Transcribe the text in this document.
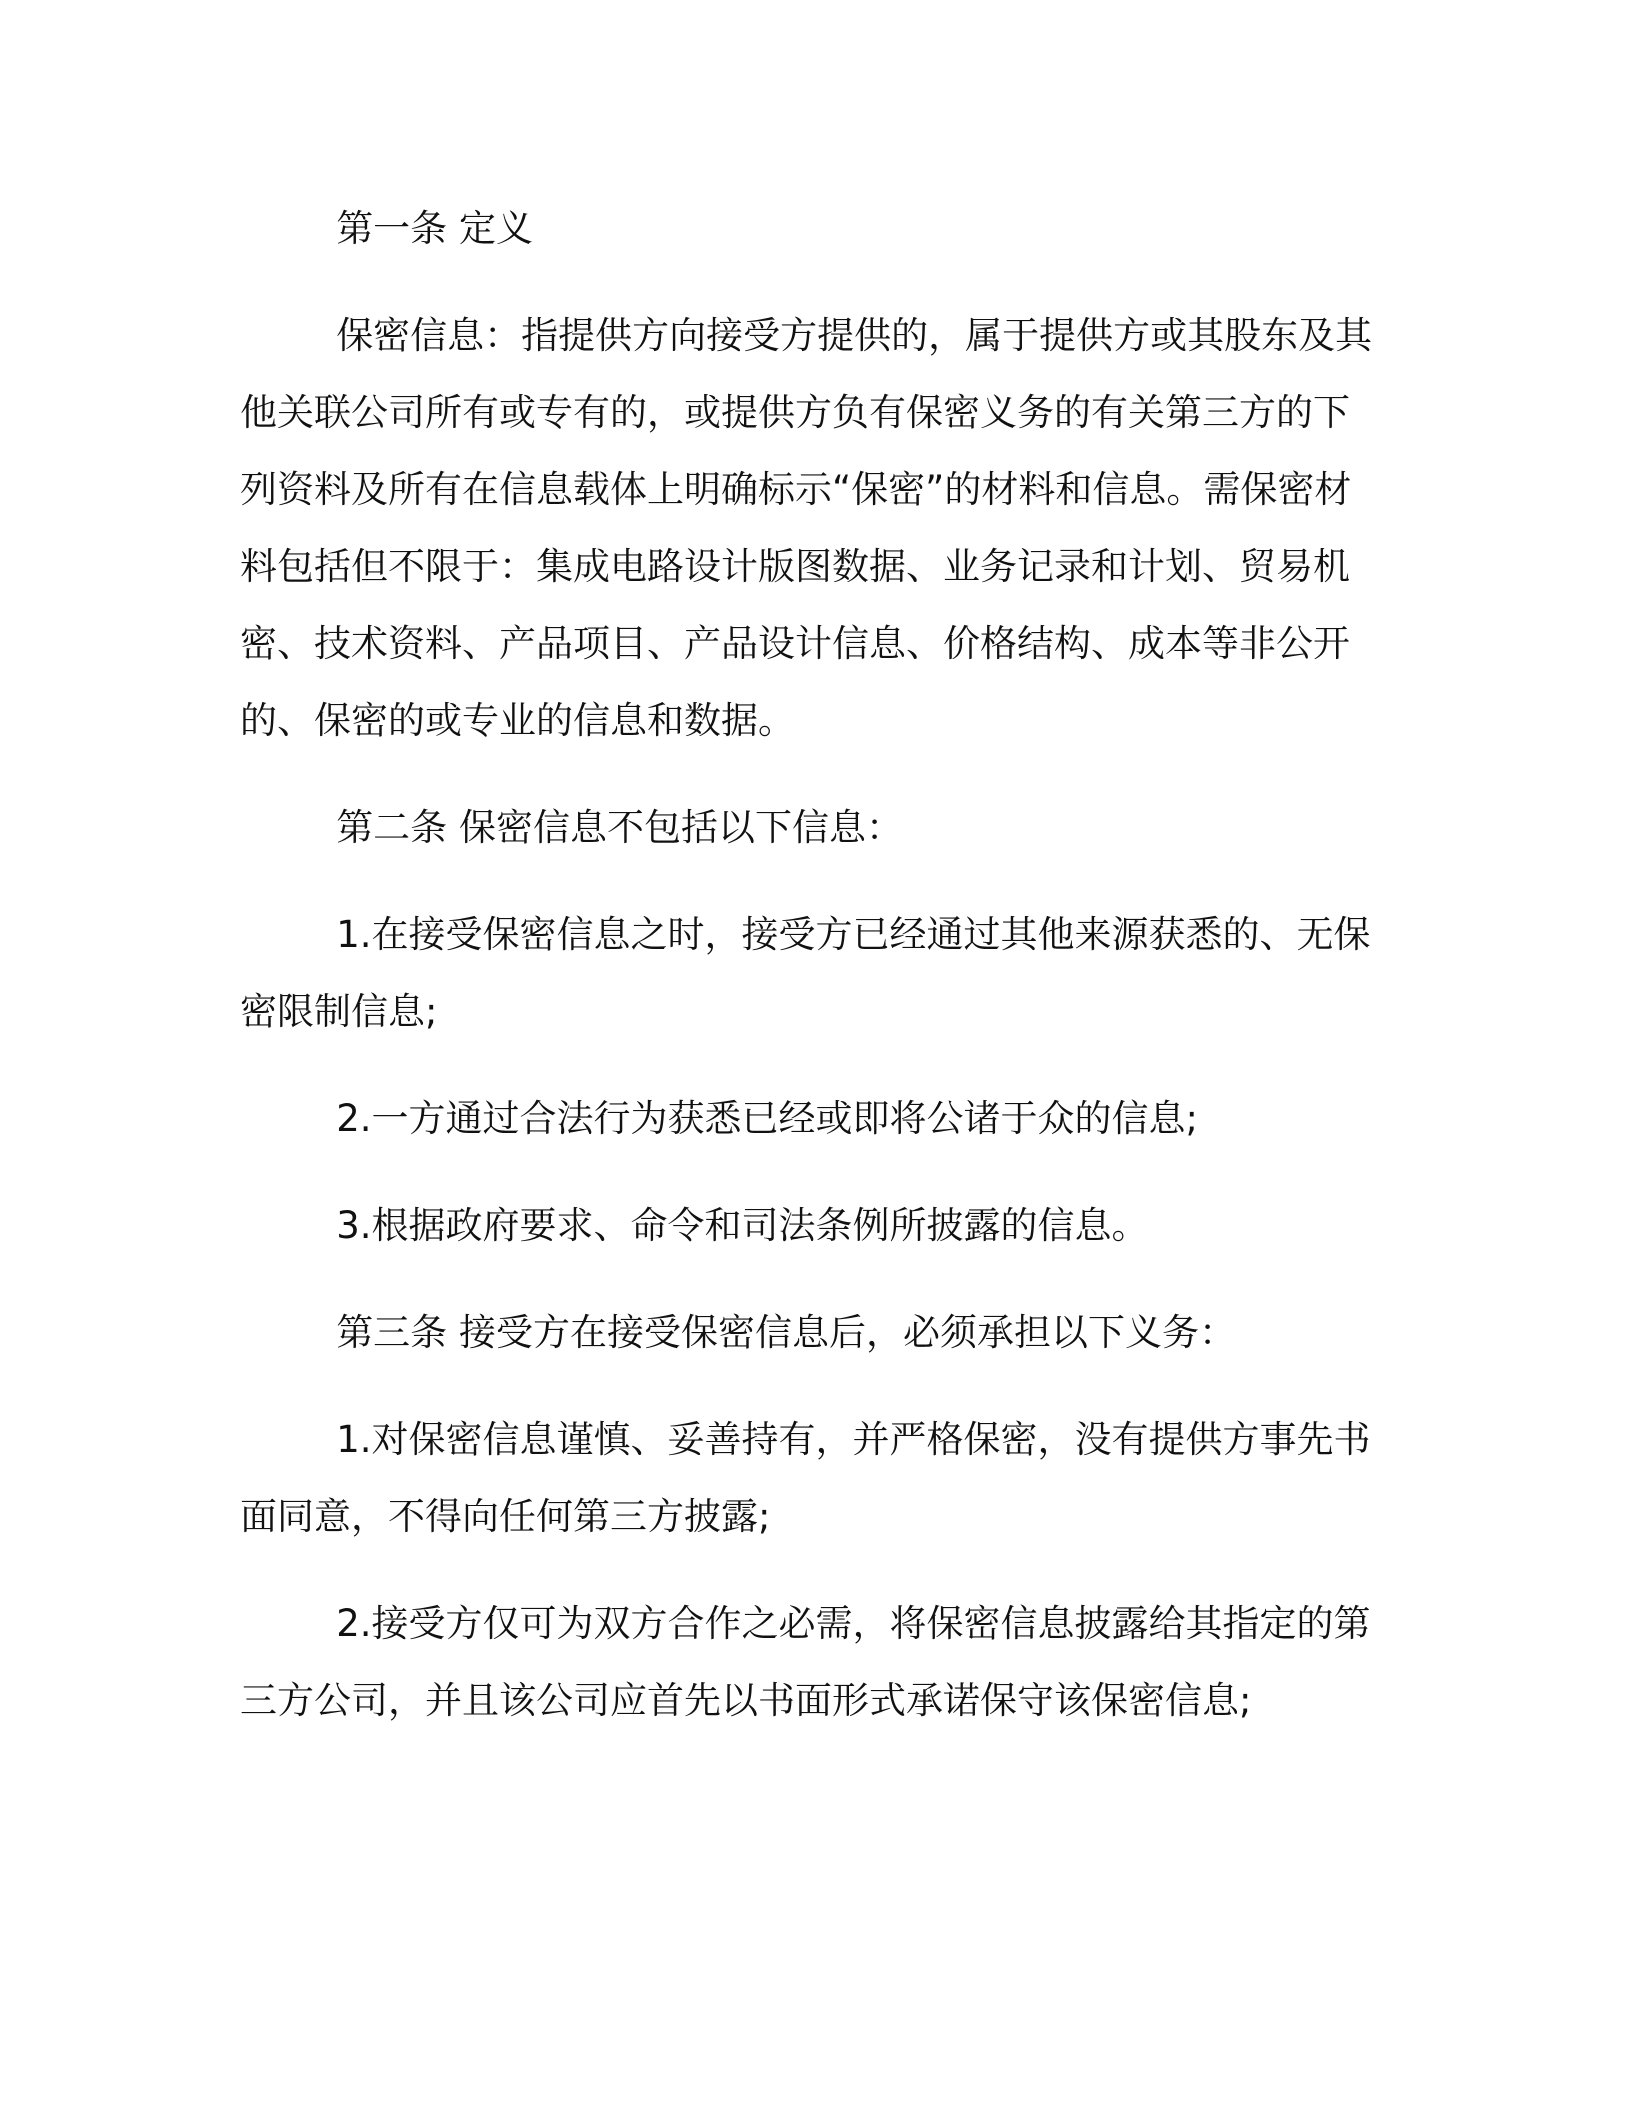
第一条 定义

保密信息：指提供方向接受方提供的，属于提供方或其股东及其他关联公司所有或专有的，或提供方负有保密义务的有关第三方的下列资料及所有在信息载体上明确标示“保密”的材料和信息。需保密材料包括但不限于：集成电路设计版图数据、业务记录和计划、贸易机密、技术资料、产品项目、产品设计信息、价格结构、成本等非公开的、保密的或专业的信息和数据。

第二条 保密信息不包括以下信息：

1.在接受保密信息之时，接受方已经通过其他来源获悉的、无保密限制信息;

2.一方通过合法行为获悉已经或即将公诸于众的信息;

3.根据政府要求、命令和司法条例所披露的信息。

第三条 接受方在接受保密信息后，必须承担以下义务：

1.对保密信息谨慎、妥善持有，并严格保密，没有提供方事先书面同意，不得向任何第三方披露;

2.接受方仅可为双方合作之必需，将保密信息披露给其指定的第三方公司，并且该公司应首先以书面形式承诺保守该保密信息;
